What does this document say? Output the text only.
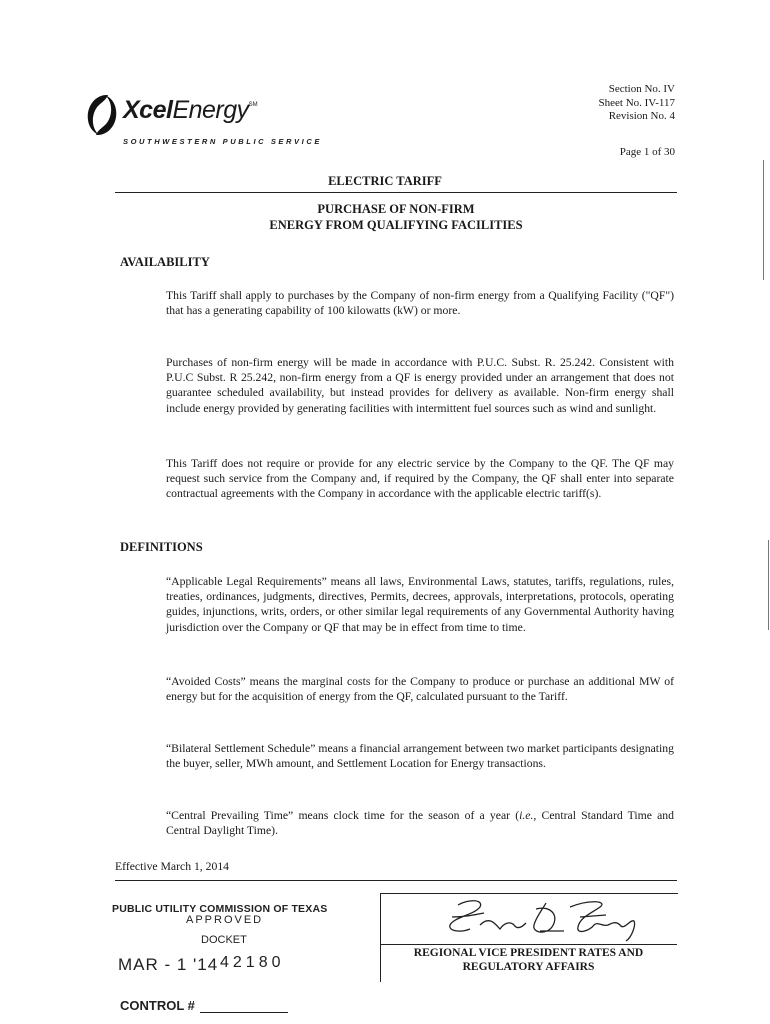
XcelEnergy℠
SOUTHWESTERN PUBLIC SERVICE
Section No. IV
Sheet No. IV-117
Revision No. 4
Page 1 of 30
ELECTRIC TARIFF
PURCHASE OF NON-FIRM
ENERGY FROM QUALIFYING FACILITIES
AVAILABILITY
This Tariff shall apply to purchases by the Company of non-firm energy from a Qualifying Facility ("QF") that has a generating capability of 100 kilowatts (kW) or more.
Purchases of non-firm energy will be made in accordance with P.U.C. Subst. R. 25.242. Consistent with P.U.C Subst. R 25.242, non-firm energy from a QF is energy provided under an arrangement that does not guarantee scheduled availability, but instead provides for delivery as available. Non-firm energy shall include energy provided by generating facilities with intermittent fuel sources such as wind and sunlight.
This Tariff does not require or provide for any electric service by the Company to the QF. The QF may request such service from the Company and, if required by the Company, the QF shall enter into separate contractual agreements with the Company in accordance with the applicable electric tariff(s).
DEFINITIONS
“Applicable Legal Requirements” means all laws, Environmental Laws, statutes, tariffs, regulations, rules, treaties, ordinances, judgments, directives, Permits, decrees, approvals, interpretations, protocols, operating guides, injunctions, writs, orders, or other similar legal requirements of any Governmental Authority having jurisdiction over the Company or QF that may be in effect from time to time.
“Avoided Costs” means the marginal costs for the Company to produce or purchase an additional MW of energy but for the acquisition of energy from the QF, calculated pursuant to the Tariff.
“Bilateral Settlement Schedule” means a financial arrangement between two market participants designating the buyer, seller, MWh amount, and Settlement Location for Energy transactions.
“Central Prevailing Time” means clock time for the season of a year (i.e., Central Standard Time and Central Daylight Time).
Effective March 1, 2014
PUBLIC UTILITY COMMISSION OF TEXAS
APPROVED
MAR - 1 '14
DOCKET
42180
CONTROL #
REGIONAL VICE PRESIDENT RATES AND
REGULATORY AFFAIRS
